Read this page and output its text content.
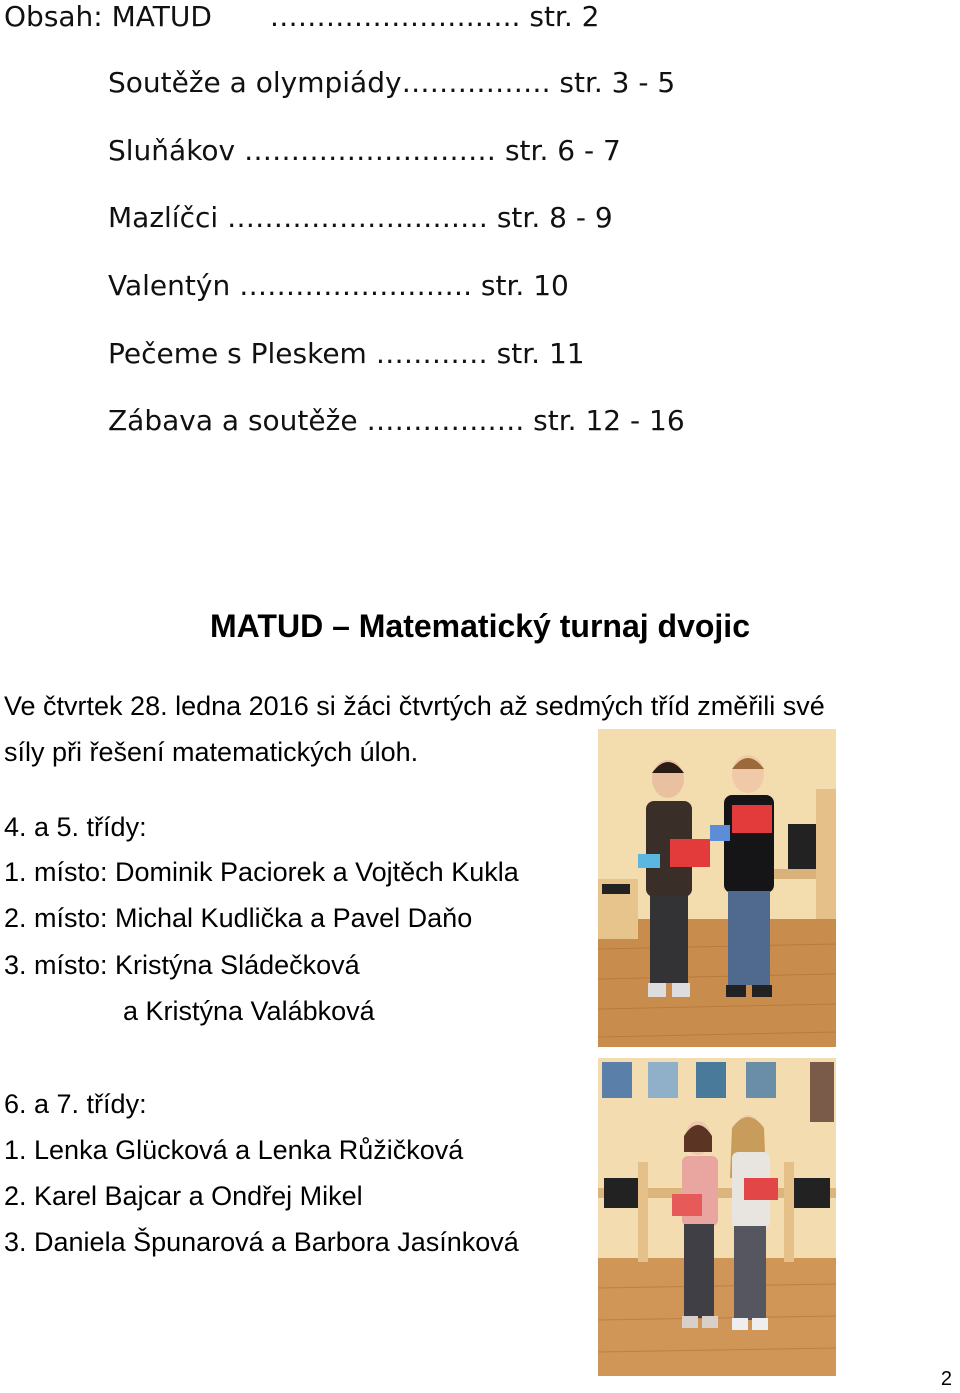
Obsah: MATUD ………………….….. str. 2
Soutěže a olympiády……………. str. 3 - 5
Sluňákov ……………………… str. 6 - 7
Mazlíčci …………………….… str. 8 - 9
Valentýn ……………………. str. 10
Pečeme s Pleskem ………… str. 11
Zábava a soutěže ………….…. str. 12 - 16
MATUD – Matematický turnaj dvojic
Ve čtvrtek 28. ledna 2016 si žáci čtvrtých až sedmých tříd změřili své
síly při řešení matematických úloh.
4. a 5. třídy:
1. místo: Dominik Paciorek a Vojtěch Kukla
2. místo: Michal Kudlička a Pavel Daňo
3. místo: Kristýna Sládečková
a Kristýna Valábková
6. a 7. třídy:
1. Lenka Glücková a Lenka Růžičková
2. Karel Bajcar a Ondřej Mikel
3. Daniela Špunarová a Barbora Jasínková
2
